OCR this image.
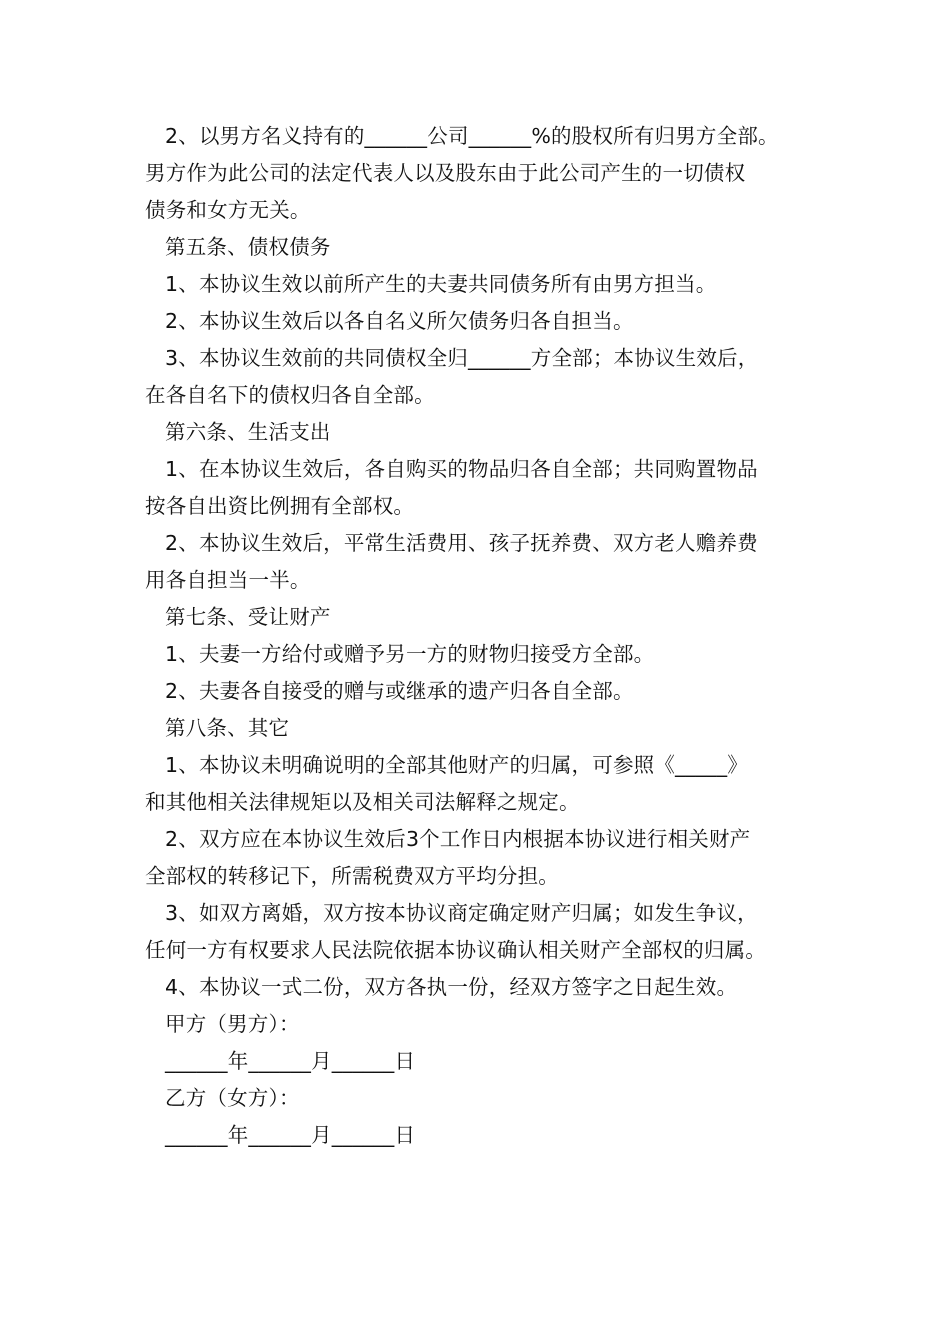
2、以男方名义持有的______公司______%的股权所有归男方全部。
男方作为此公司的法定代表人以及股东由于此公司产生的一切债权
债务和女方无关。
第五条、债权债务
1、本协议生效以前所产生的夫妻共同债务所有由男方担当。
2、本协议生效后以各自名义所欠债务归各自担当。
3、本协议生效前的共同债权全归______方全部；本协议生效后，
在各自名下的债权归各自全部。
第六条、生活支出
1、在本协议生效后，各自购买的物品归各自全部；共同购置物品
按各自出资比例拥有全部权。
2、本协议生效后，平常生活费用、孩子抚养费、双方老人赡养费
用各自担当一半。
第七条、受让财产
1、夫妻一方给付或赠予另一方的财物归接受方全部。
2、夫妻各自接受的赠与或继承的遗产归各自全部。
第八条、其它
1、本协议未明确说明的全部其他财产的归属，可参照《_____》
和其他相关法律规矩以及相关司法解释之规定。
2、双方应在本协议生效后3个工作日内根据本协议进行相关财产
全部权的转移记下，所需税费双方平均分担。
3、如双方离婚，双方按本协议商定确定财产归属；如发生争议，
任何一方有权要求人民法院依据本协议确认相关财产全部权的归属。
4、本协议一式二份，双方各执一份，经双方签字之日起生效。
甲方（男方）：
______年______月______日
乙方（女方）：
______年______月______日
